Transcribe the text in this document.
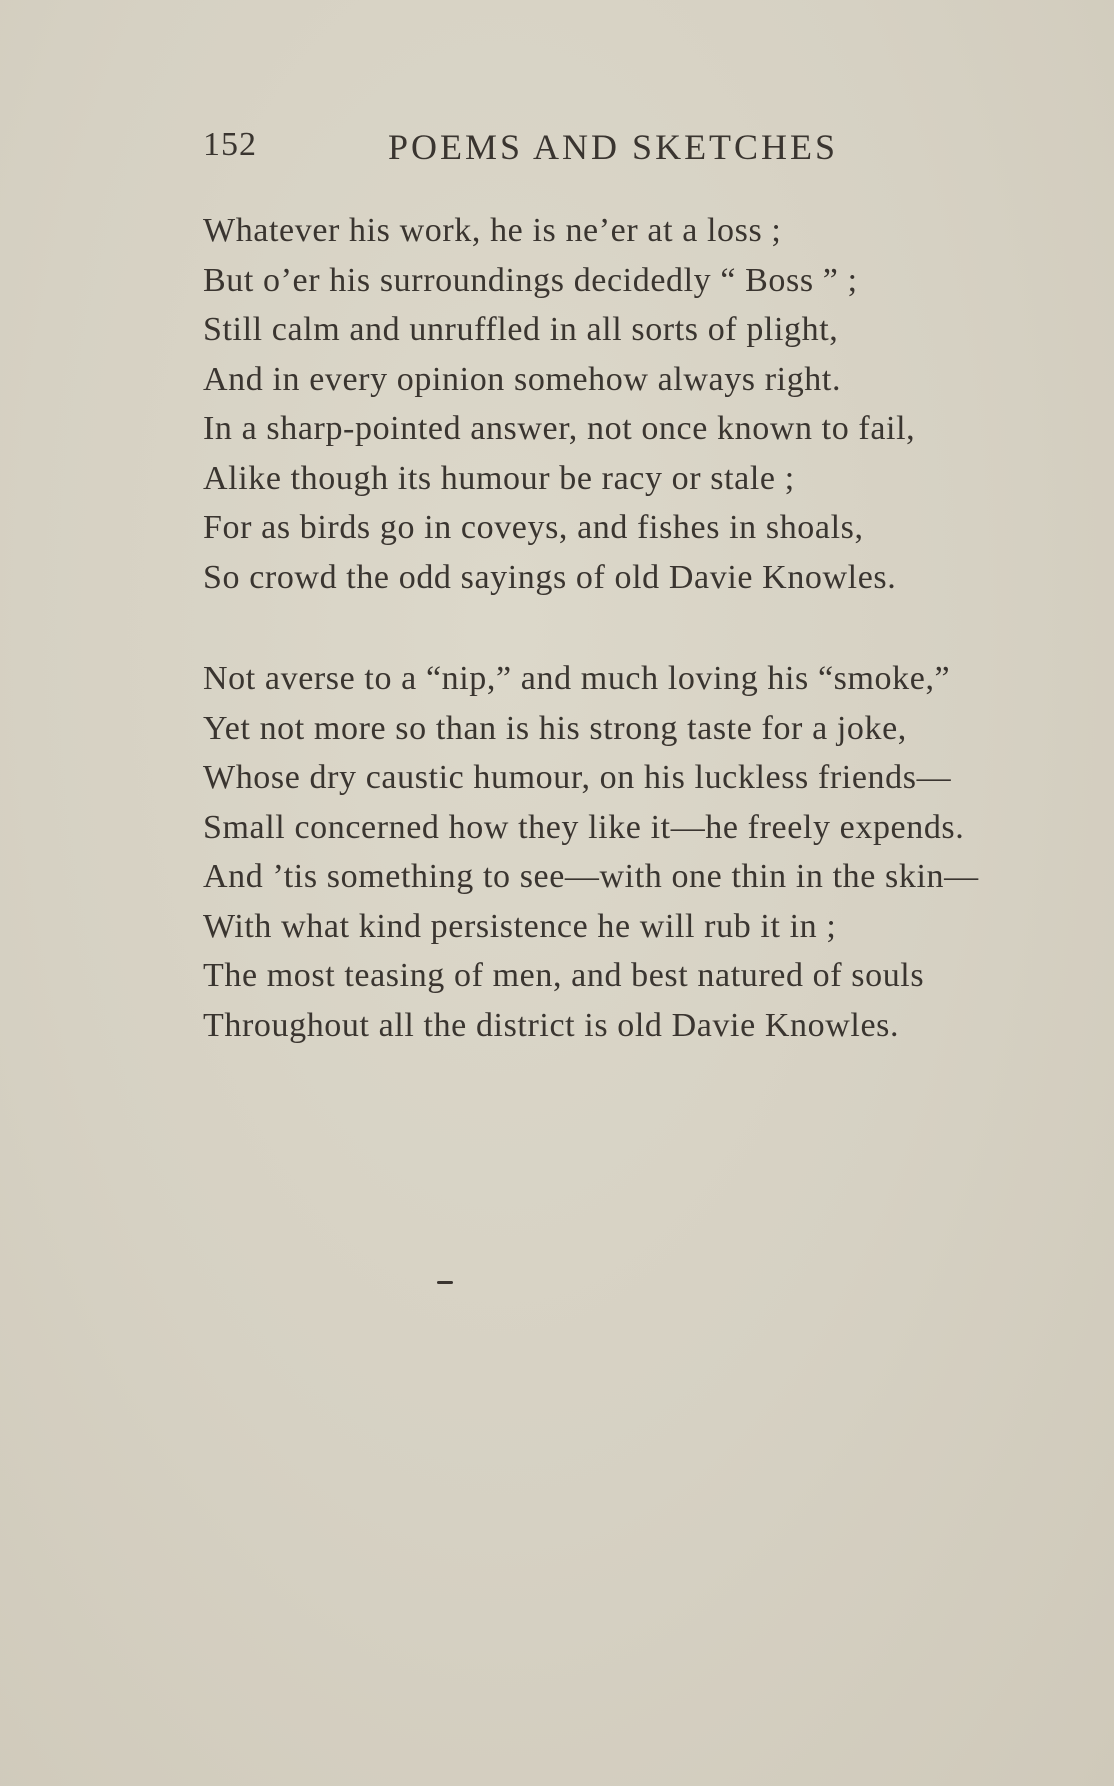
152	POEMS AND SKETCHES
Whatever his work, he is ne’er at a loss ;
But o’er his surroundings decidedly “ Boss ” ;
Still calm and unruffled in all sorts of plight,
And in every opinion somehow always right.
In a sharp-pointed answer, not once known to fail,
Alike though its humour be racy or stale ;
For as birds go in coveys, and fishes in shoals,
So crowd the odd sayings of old Davie Knowles.
Not averse to a “nip,” and much loving his “smoke,”
Yet not more so than is his strong taste for a joke,
Whose dry caustic humour, on his luckless friends—
Small concerned how they like it—he freely expends.
And ’tis something to see—with one thin in the skin—
With what kind persistence he will rub it in ;
The most teasing of men, and best natured of souls
Throughout all the district is old Davie Knowles.
